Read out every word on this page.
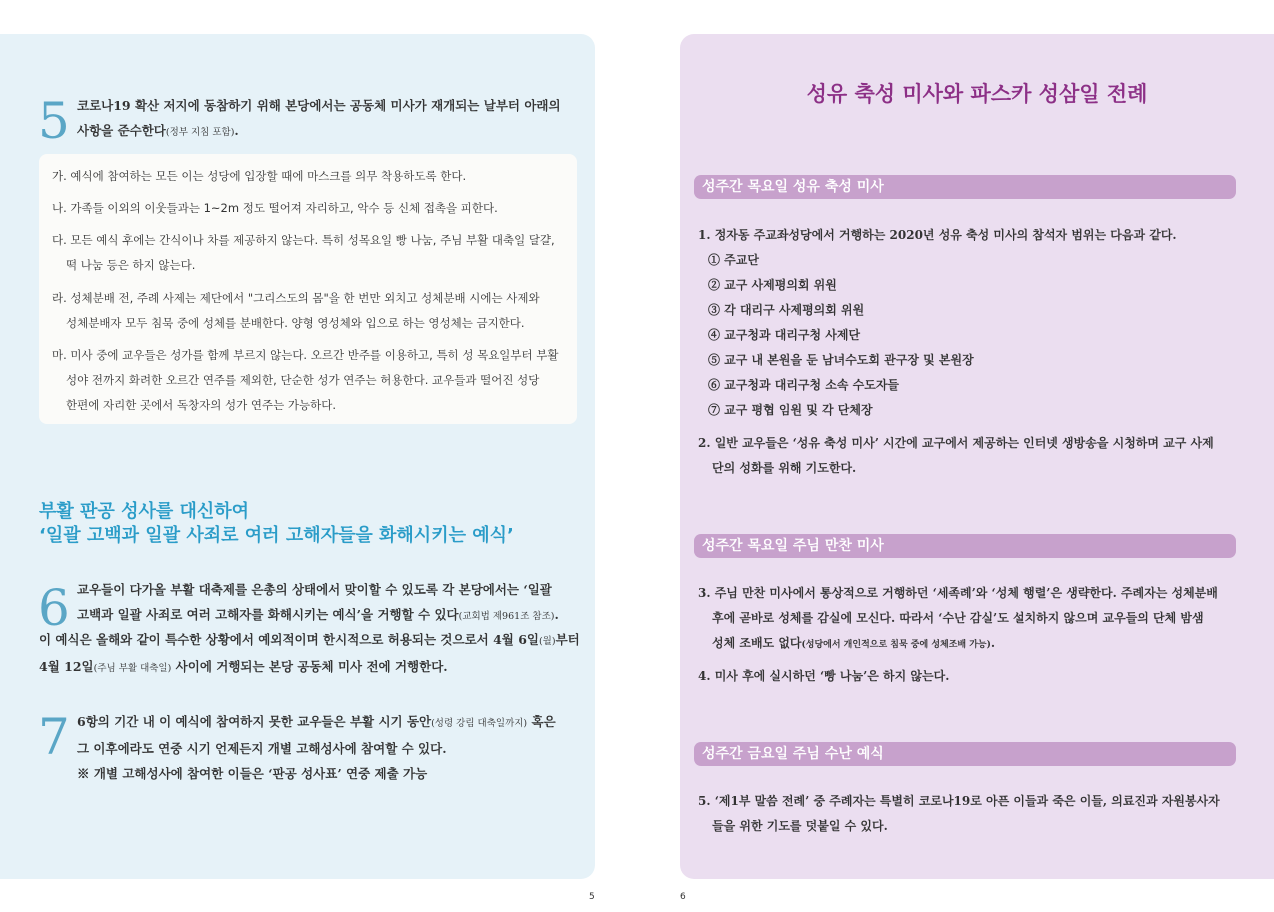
5 코로나19 확산 저지에 동참하기 위해 본당에서는 공동체 미사가 재개되는 날부터 아래의
사항을 준수한다(정부 지침 포함).
가. 예식에 참여하는 모든 이는 성당에 입장할 때에 마스크를 의무 착용하도록 한다.
나. 가족들 이외의 이웃들과는 1~2m 정도 떨어져 자리하고, 악수 등 신체 접촉을 피한다.
다. 모든 예식 후에는 간식이나 차를 제공하지 않는다. 특히 성목요일 빵 나눔, 주님 부활 대축일 달걀,
떡 나눔 등은 하지 않는다.
라. 성체분배 전, 주례 사제는 제단에서 "그리스도의 몸"을 한 번만 외치고 성체분배 시에는 사제와
성체분배자 모두 침묵 중에 성체를 분배한다. 양형 영성체와 입으로 하는 영성체는 금지한다.
마. 미사 중에 교우들은 성가를 함께 부르지 않는다. 오르간 반주를 이용하고, 특히 성 목요일부터 부활
성야 전까지 화려한 오르간 연주를 제외한, 단순한 성가 연주는 허용한다. 교우들과 떨어진 성당
한편에 자리한 곳에서 독창자의 성가 연주는 가능하다.
부활 판공 성사를 대신하여
‘일괄 고백과 일괄 사죄로 여러 고해자들을 화해시키는 예식’
6 교우들이 다가올 부활 대축제를 은총의 상태에서 맞이할 수 있도록 각 본당에서는 ‘일괄
고백과 일괄 사죄로 여러 고해자를 화해시키는 예식’을 거행할 수 있다(교회법 제961조 참조).
이 예식은 올해와 같이 특수한 상황에서 예외적이며 한시적으로 허용되는 것으로서 4월 6일(월)부터
4월 12일(주님 부활 대축일) 사이에 거행되는 본당 공동체 미사 전에 거행한다.
7 6항의 기간 내 이 예식에 참여하지 못한 교우들은 부활 시기 동안(성령 강림 대축일까지) 혹은
그 이후에라도 연중 시기 언제든지 개별 고해성사에 참여할 수 있다.
※ 개별 고해성사에 참여한 이들은 ‘판공 성사표’ 연중 제출 가능
5
성유 축성 미사와 파스카 성삼일 전례
성주간 목요일 성유 축성 미사
1. 정자동 주교좌성당에서 거행하는 2020년 성유 축성 미사의 참석자 범위는 다음과 같다.
① 주교단
② 교구 사제평의회 위원
③ 각 대리구 사제평의회 위원
④ 교구청과 대리구청 사제단
⑤ 교구 내 본원을 둔 남녀수도회 관구장 및 본원장
⑥ 교구청과 대리구청 소속 수도자들
⑦ 교구 평협 임원 및 각 단체장
2. 일반 교우들은 ‘성유 축성 미사’ 시간에 교구에서 제공하는 인터넷 생방송을 시청하며 교구 사제
단의 성화를 위해 기도한다.
성주간 목요일 주님 만찬 미사
3. 주님 만찬 미사에서 통상적으로 거행하던 ‘세족례’와 ‘성체 행렬’은 생략한다. 주례자는 성체분배
후에 곧바로 성체를 감실에 모신다. 따라서 ‘수난 감실’도 설치하지 않으며 교우들의 단체 밤샘
성체 조배도 없다(성당에서 개인적으로 침묵 중에 성체조배 가능).
4. 미사 후에 실시하던 ‘빵 나눔’은 하지 않는다.
성주간 금요일 주님 수난 예식
5. ‘제1부 말씀 전례’ 중 주례자는 특별히 코로나19로 아픈 이들과 죽은 이들, 의료진과 자원봉사자
들을 위한 기도를 덧붙일 수 있다.
6
